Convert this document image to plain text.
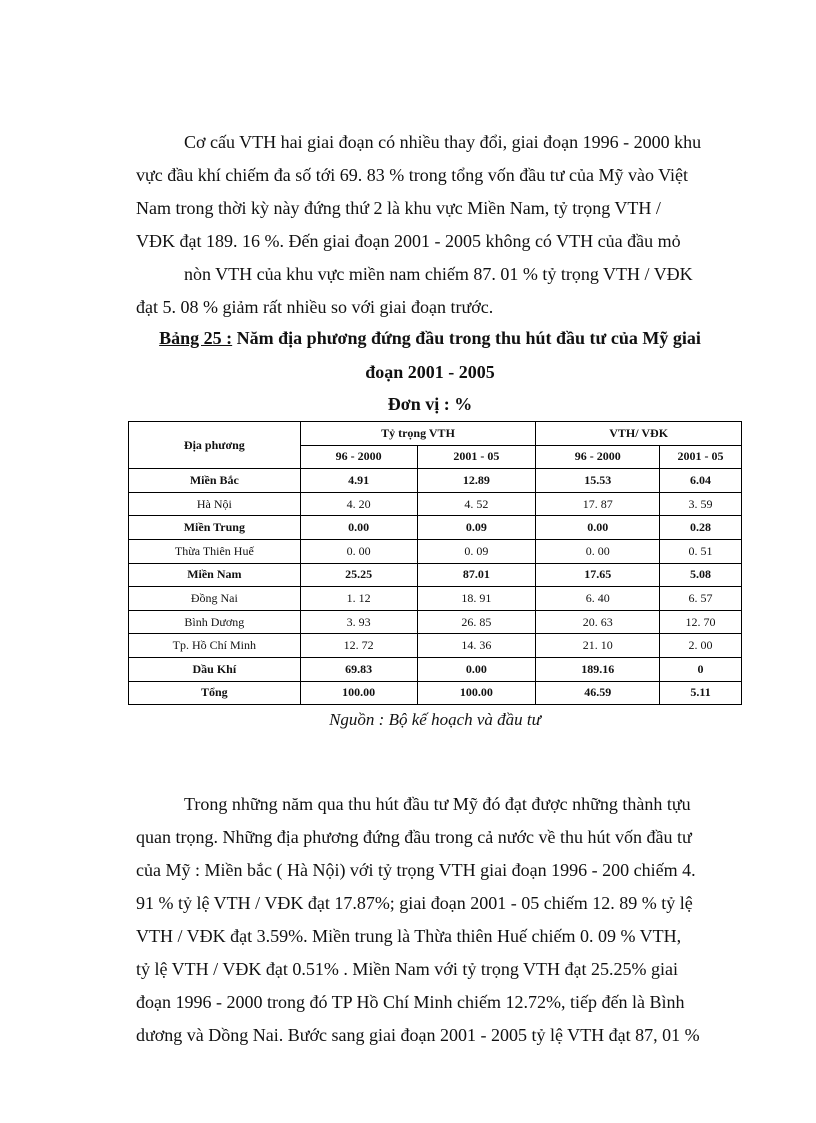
Cơ cấu VTH hai giai đoạn có nhiều thay đổi, giai đoạn 1996 - 2000 khu
vực đầu khí chiếm đa số tới 69. 83 % trong tổng vốn đầu tư của Mỹ vào Việt
Nam trong thời kỳ này đứng thứ 2 là khu vực Miền Nam, tỷ trọng VTH /
VĐK đạt 189. 16 %. Đến giai đoạn 2001 - 2005 không có VTH của đầu mỏ
nòn VTH của khu vực miền nam chiếm 87. 01 % tỷ trọng VTH / VĐK
đạt 5. 08 % giảm rất nhiều so với giai đoạn trước.

Bảng 25 : Năm địa phương đứng đầu trong thu hút đầu tư của Mỹ giai

đoạn 2001 - 2005

Đơn vị : %
Địa phương	Tỷ trọng VTH		VTH/ VĐK	
	96 - 2000	2001 - 05	96 - 2000	2001 - 05
Miền Bắc	4.91	12.89	15.53	6.04
Hà Nội	4. 20	4. 52	17. 87	3. 59
Miền Trung	0.00	0.09	0.00	0.28
Thừa Thiên Huế	0. 00	0. 09	0. 00	0. 51
Miền Nam	25.25	87.01	17.65	5.08
Đồng Nai	1. 12	18. 91	6. 40	6. 57
Bình Dương	3. 93	26. 85	20. 63	12. 70
Tp. Hồ Chí Minh	12. 72	14. 36	21. 10	2. 00
Dầu Khí	69.83	0.00	189.16	0
Tổng	100.00	100.00	46.59	5.11
Nguồn : Bộ kế hoạch và đầu tư
Trong những năm qua thu hút đầu tư Mỹ đó đạt được những thành tựu
quan trọng. Những địa phương đứng đầu trong cả nước về thu hút vốn đầu tư
của Mỹ : Miền bắc ( Hà Nội) với tỷ trọng VTH giai đoạn 1996 - 200 chiếm 4.
91 % tỷ lệ VTH / VĐK đạt 17.87%; giai đoạn 2001 - 05 chiếm 12. 89 % tỷ lệ
VTH / VĐK đạt 3.59%. Miền trung là Thừa thiên Huế chiếm 0. 09 % VTH,
tỷ lệ VTH / VĐK đạt 0.51% . Miền Nam với tỷ trọng VTH đạt 25.25% giai
đoạn 1996 - 2000 trong đó TP Hồ Chí Minh chiếm 12.72%, tiếp đến là Bình
dương và Dồng Nai. Bước sang giai đoạn 2001 - 2005 tỷ lệ VTH đạt 87, 01 %
